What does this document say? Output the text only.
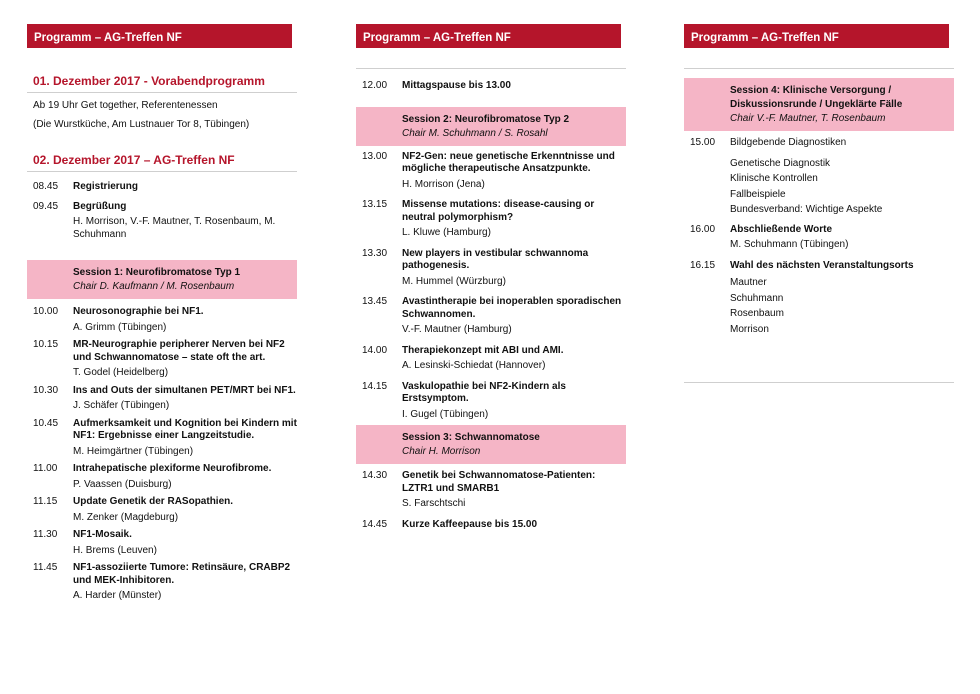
Programm – AG-Treffen NF
01. Dezember 2017 - Vorabendprogramm
Ab 19 Uhr Get together, Referentenessen
(Die Wurstküche, Am Lustnauer Tor 8, Tübingen)
02. Dezember 2017 – AG-Treffen NF
08.45	Registrierung
09.45	Begrüßung
H. Morrison, V.-F. Mautner, T. Rosenbaum, M. Schuhmann
Session 1: Neurofibromatose Typ 1
Chair D. Kaufmann / M. Rosenbaum
10.00	Neurosonographie bei NF1.
A. Grimm (Tübingen)
10.15	MR-Neurographie peripherer Nerven bei NF2 und Schwannomatose – state oft the art.
T. Godel (Heidelberg)
10.30	Ins and Outs der simultanen PET/MRT bei NF1.
J. Schäfer (Tübingen)
10.45	Aufmerksamkeit und Kognition bei Kindern mit NF1: Ergebnisse einer Langzeitstudie.
M. Heimgärtner (Tübingen)
11.00	Intrahepatische plexiforme Neurofibrome.
P. Vaassen (Duisburg)
11.15	Update Genetik der RASopathien.
M. Zenker (Magdeburg)
11.30	NF1-Mosaik.
H. Brems (Leuven)
11.45	NF1-assoziierte Tumore: Retinsäure, CRABP2 und MEK-Inhibitoren.
A. Harder (Münster)
Programm – AG-Treffen NF
12.00	Mittagspause bis 13.00
Session 2: Neurofibromatose Typ 2
Chair M. Schuhmann / S. Rosahl
13.00	NF2-Gen: neue genetische Erkenntnisse und mögliche therapeutische Ansatzpunkte.
H. Morrison (Jena)
13.15	Missense mutations: disease-causing or neutral polymorphism?
L. Kluwe (Hamburg)
13.30	New players in vestibular schwannoma pathogenesis.
M. Hummel (Würzburg)
13.45	Avastintherapie bei inoperablen sporadischen Schwannomen.
V.-F. Mautner (Hamburg)
14.00	Therapiekonzept mit ABI und AMI.
A. Lesinski-Schiedat (Hannover)
14.15	Vaskulopathie bei NF2-Kindern als Erstsymptom.
I. Gugel (Tübingen)
Session 3: Schwannomatose
Chair H. Morrison
14.30	Genetik bei Schwannomatose-Patienten: LZTR1 und SMARB1
S. Farschtschi
14.45	Kurze Kaffeepause bis 15.00
Programm – AG-Treffen NF
Session 4: Klinische Versorgung / Diskussionsrunde / Ungeklärte Fälle
Chair V.-F. Mautner, T. Rosenbaum
15.00	Bildgebende Diagnostiken
Genetische Diagnostik
Klinische Kontrollen
Fallbeispiele
Bundesverband: Wichtige Aspekte
16.00	Abschließende Worte
M. Schuhmann (Tübingen)
16.15	Wahl des nächsten Veranstaltungsorts
Mautner
Schuhmann
Rosenbaum
Morrison
